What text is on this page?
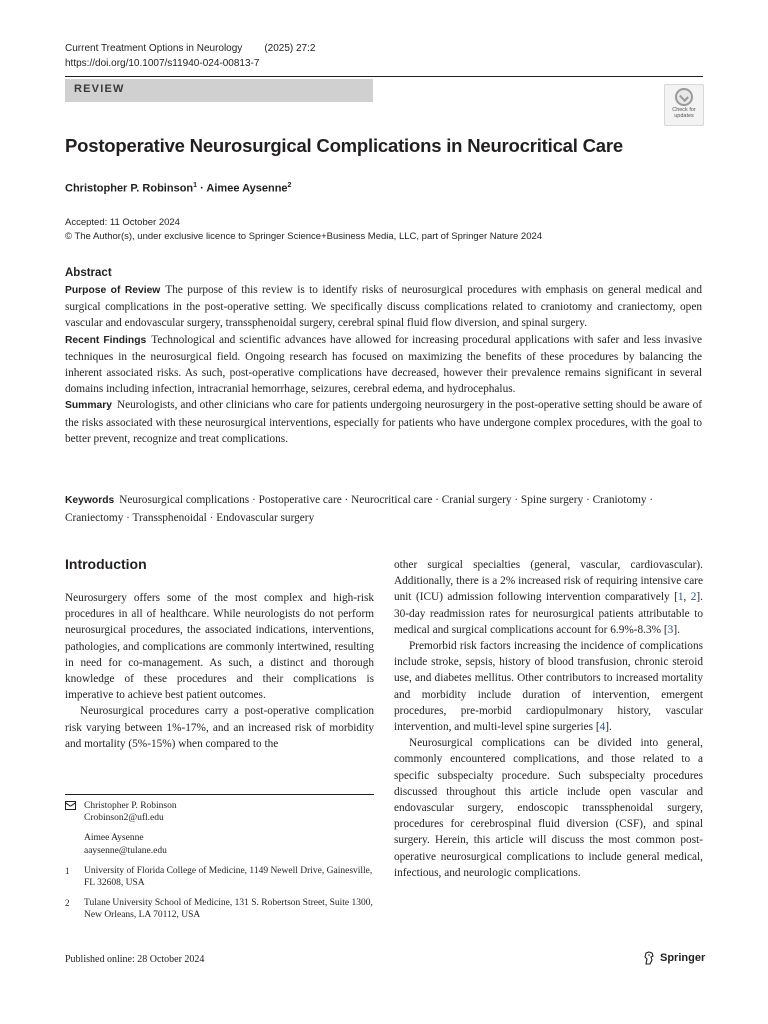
Current Treatment Options in Neurology (2025) 27:2
https://doi.org/10.1007/s11940-024-00813-7
REVIEW
Check for
updates
Postoperative Neurosurgical Complications in Neurocritical Care
Christopher P. Robinson$^1$ · Aimee Aysenne$^2$
Accepted: 11 October 2024
© The Author(s), under exclusive licence to Springer Science+Business Media, LLC, part of Springer Nature 2024
Abstract

Purpose of Review The purpose of this review is to identify risks of neurosurgical procedures with emphasis on general medical and surgical complications in the post-operative setting. We specifically discuss complications related to craniotomy and craniectomy, open vascular and endovascular surgery, transsphenoidal surgery, cerebral spinal fluid flow diversion, and spinal surgery.

Recent Findings Technological and scientific advances have allowed for increasing procedural applications with safer and less invasive techniques in the neurosurgical field. Ongoing research has focused on maximizing the benefits of these procedures by balancing the inherent associated risks. As such, post-operative complications have decreased, however their prevalence remains significant in several domains including infection, intracranial hemorrhage, seizures, cerebral edema, and hydrocephalus.

Summary Neurologists, and other clinicians who care for patients undergoing neurosurgery in the post-operative setting should be aware of the risks associated with these neurosurgical interventions, especially for patients who have undergone complex procedures, with the goal to better prevent, recognize and treat complications.

Keywords Neurosurgical complications · Postoperative care · Neurocritical care · Cranial surgery · Spine surgery · Craniotomy · Craniectomy · Transsphenoidal · Endovascular surgery
Introduction

Neurosurgery offers some of the most complex and high-risk procedures in all of healthcare. While neurologists do not perform neurosurgical procedures, the associated indications, interventions, pathologies, and complications are commonly intertwined, resulting in need for co-management. As such, a distinct and thorough knowledge of these procedures and their complications is imperative to achieve best patient outcomes.

Neurosurgical procedures carry a post-operative complication risk varying between 1%-17%, and an increased risk of morbidity and mortality (5%-15%) when compared to the

other surgical specialties (general, vascular, cardiovascular). Additionally, there is a 2% increased risk of requiring intensive care unit (ICU) admission following intervention comparatively [1, 2]. 30-day readmission rates for neurosurgical patients attributable to medical and surgical complications account for 6.9%-8.3% [3].

Premorbid risk factors increasing the incidence of complications include stroke, sepsis, history of blood transfusion, chronic steroid use, and diabetes mellitus. Other contributors to increased mortality and morbidity include duration of intervention, emergent procedures, pre-morbid cardiopulmonary history, vascular intervention, and multi-level spine surgeries [4].

Neurosurgical complications can be divided into general, commonly encountered complications, and those related to a specific subspecialty procedure. Such subspecialty procedures discussed throughout this article include open vascular and endovascular surgery, endoscopic transsphenoidal surgery, procedures for cerebrospinal fluid diversion (CSF), and spinal surgery. Herein, this article will discuss the most common post-operative neurosurgical complications to include general medical, infectious, and neurologic complications.

Christopher P. Robinson
Crobinson2@ufl.edu
Aimee Aysenne
aaysenne@tulane.edu
1	University of Florida College of Medicine, 1149 Newell Drive, Gainesville, FL 32608, USA
2	Tulane University School of Medicine, 131 S. Robertson Street, Suite 1300, New Orleans, LA 70112, USA
Published online: 28 October 2024	Springer
